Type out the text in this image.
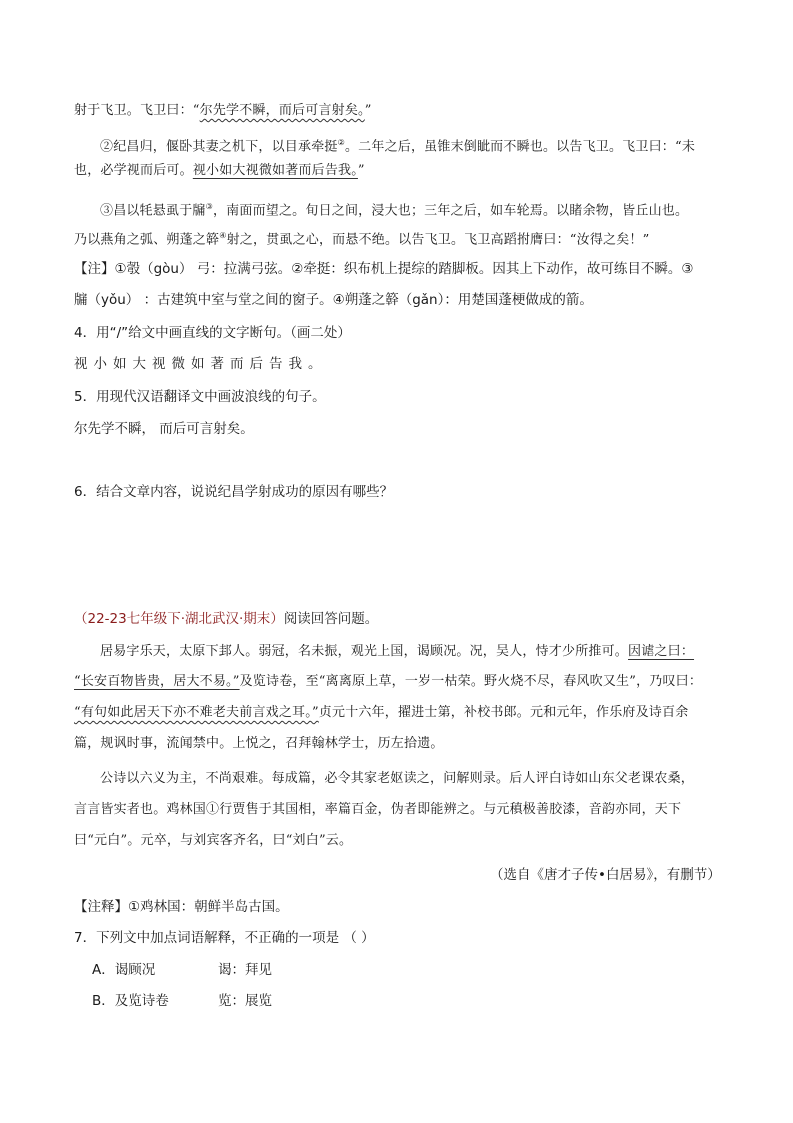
射于飞卫。飞卫曰：“尔先学不瞬，而后可言射矣。”
②纪昌归，偃卧其妻之机下，以目承牵挺②。二年之后，虽锥末倒眦而不瞬也。以告飞卫。飞卫曰：“未
也，必学视而后可。视小如大视微如著而后告我。”
③昌以牦悬虱于牖③，南面而望之。旬日之间，浸大也；三年之后，如车轮焉。以睹余物，皆丘山也。
乃以燕角之弧、朔蓬之簳④射之，贯虱之心，而悬不绝。以告飞卫。飞卫高蹈拊膺曰：“汝得之矣！”
【注】①彀（gòu） 弓：拉满弓弦。②牵挺：织布机上提综的踏脚板。因其上下动作，故可练目不瞬。③
牖（yǒu） ：古建筑中室与堂之间的窗子。④朔蓬之簳（gǎn）：用楚国蓬梗做成的箭。
4．用“/”给文中画直线的文字断句。（画二处）
视小如大视微如著而后告我。
5．用现代汉语翻译文中画波浪线的句子。
尔先学不瞬， 而后可言射矣。
6．结合文章内容，说说纪昌学射成功的原因有哪些？
（22-23七年级下·湖北武汉·期末）阅读回答问题。
居易字乐天，太原下邽人。弱冠，名未振，观光上国，谒顾况。况，吴人，恃才少所推可。因谑之曰：
“长安百物皆贵，居大不易。”及览诗卷，至“离离原上草，一岁一枯荣。野火烧不尽，春风吹又生”，乃叹曰：
“有句如此居天下亦不难老夫前言戏之耳。”贞元十六年，擢进士第，补校书郎。元和元年，作乐府及诗百余
篇，规讽时事，流闻禁中。上悦之，召拜翰林学士，历左拾遗。
公诗以六义为主，不尚艰难。每成篇，必令其家老妪读之，问解则录。后人评白诗如山东父老课农桑，
言言皆实者也。鸡林国①行贾售于其国相，率篇百金，伪者即能辨之。与元稹极善胶漆，音韵亦同，天下
曰“元白”。元卒，与刘宾客齐名，曰“刘白”云。
（选自《唐才子传•白居易》，有删节）
【注释】①鸡林国：朝鲜半岛古国。
7．下列文中加点词语解释，不正确的一项是 （ ）
A．谒顾况	谒：拜见
B．及览诗卷	览：展览
